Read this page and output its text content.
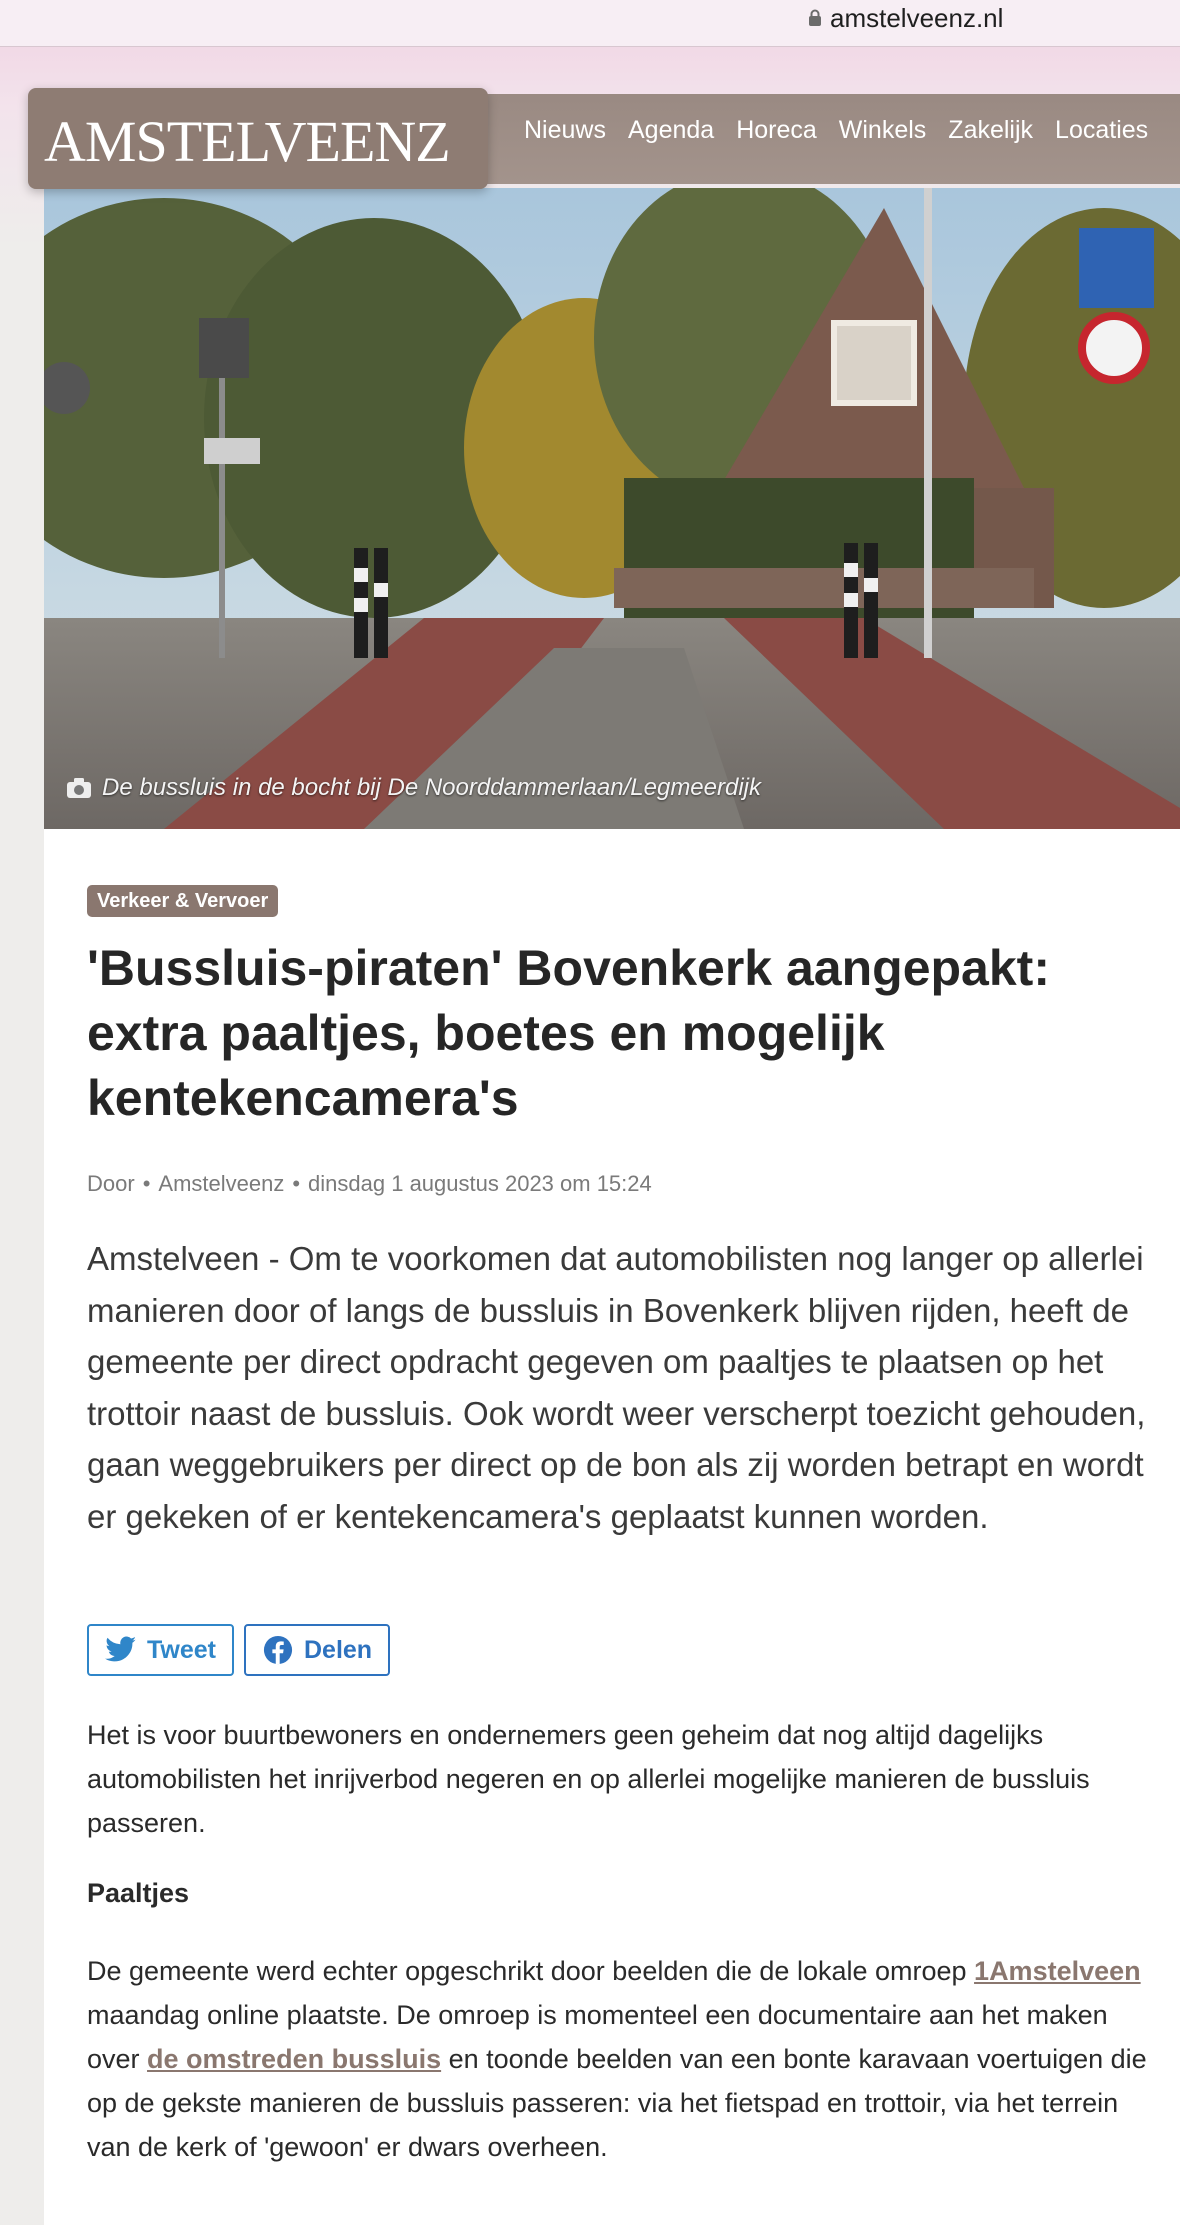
amstelveenz.nl
De bussluis in de bocht bij De Noorddammerlaan/Legmeerdijk
Nieuws Agenda Horeca Winkels Zakelijk Locaties
AMSTELVEENZ
Verkeer & Vervoer
'Bussluis-piraten' Bovenkerk aangepakt: extra paaltjes, boetes en mogelijk kentekencamera's
Door • Amstelveenz • dinsdag 1 augustus 2023 om 15:24

Amstelveen - Om te voorkomen dat automobilisten nog langer op allerlei manieren door of langs de bussluis in Bovenkerk blijven rijden, heeft de gemeente per direct opdracht gegeven om paaltjes te plaatsen op het trottoir naast de bussluis. Ook wordt weer verscherpt toezicht gehouden, gaan weggebruikers per direct op de bon als zij worden betrapt en wordt er gekeken of er kentekencamera's geplaatst kunnen worden.

Tweet	Delen

Het is voor buurtbewoners en ondernemers geen geheim dat nog altijd dagelijks automobilisten het inrijverbod negeren en op allerlei mogelijke manieren de bussluis passeren.

Paaltjes

De gemeente werd echter opgeschrikt door beelden die de lokale omroep 1Amstelveen maandag online plaatste. De omroep is momenteel een documentaire aan het maken over de omstreden bussluis en toonde beelden van een bonte karavaan voertuigen die op de gekste manieren de bussluis passeren: via het fietspad en trottoir, via het terrein van de kerk of 'gewoon' er dwars overheen.
